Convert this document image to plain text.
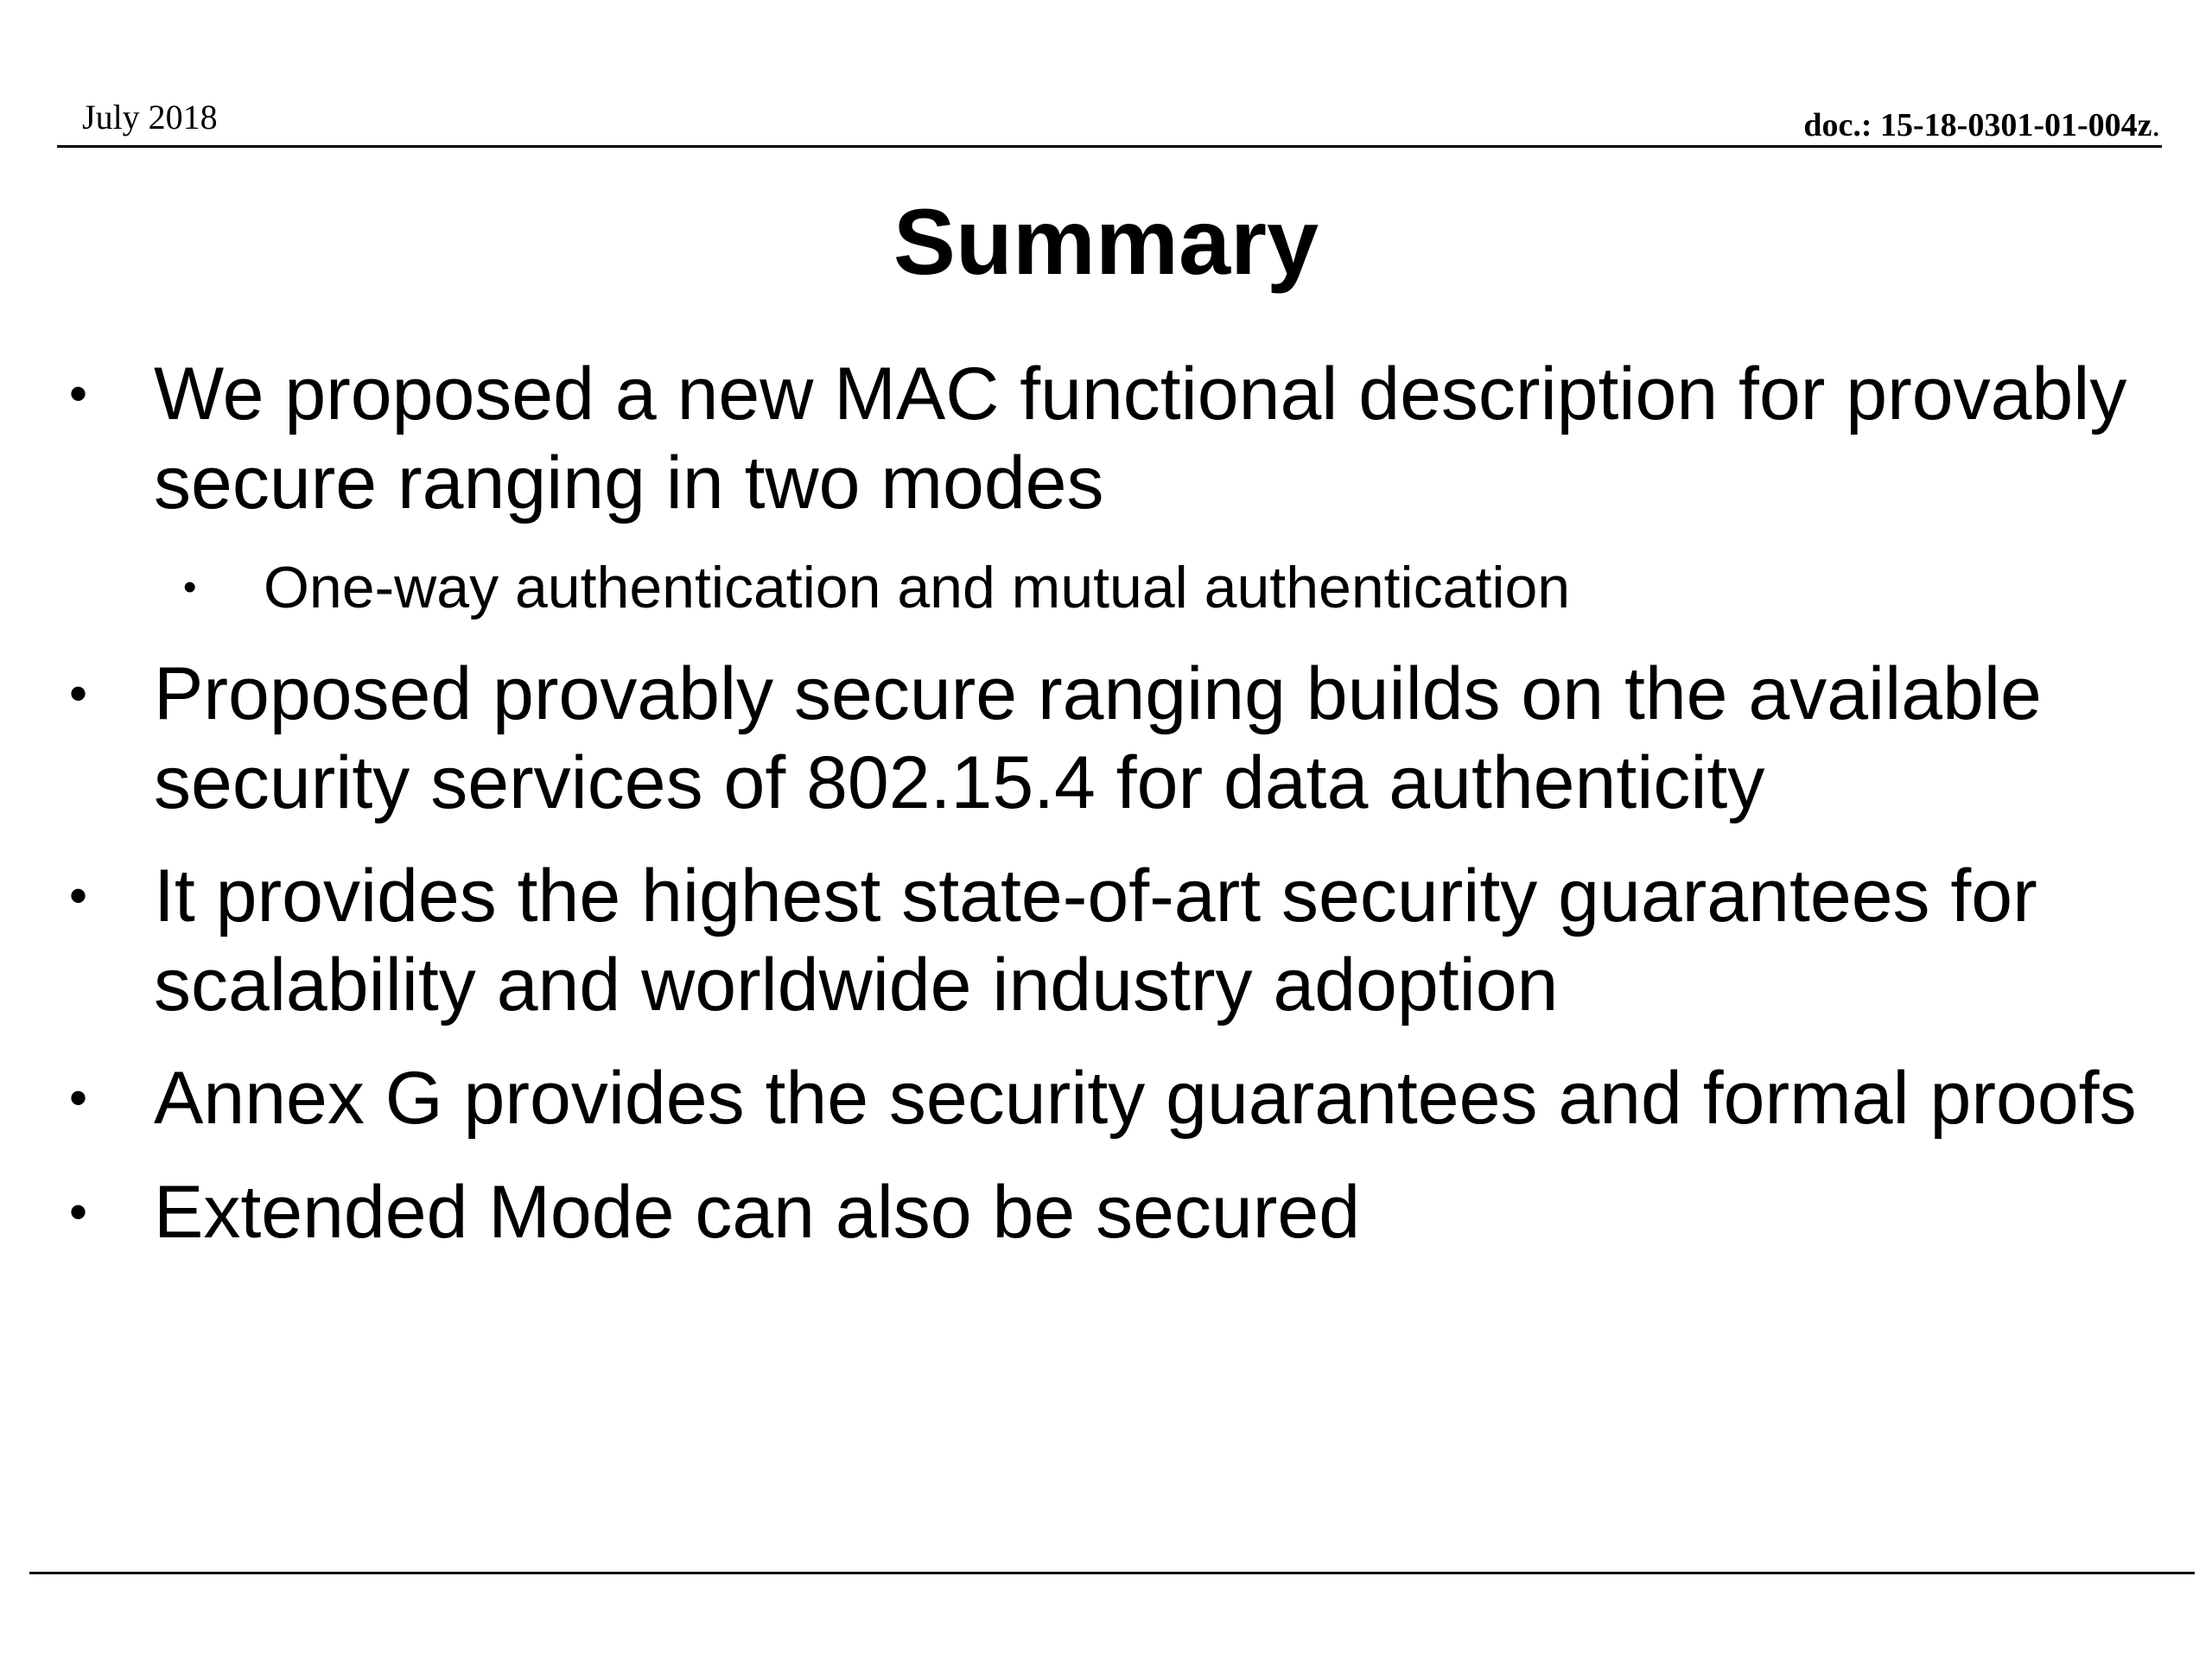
July 2018	doc.: 15-18-0301-01-004z.
Summary
• We proposed a new MAC functional description for provably
secure ranging in two modes
• One-way authentication and mutual authentication
• Proposed provably secure ranging builds on the available
security services of 802.15.4 for data authenticity
• It provides the highest state-of-art security guarantees for
scalability and worldwide industry adoption
• Annex G provides the security guarantees and formal proofs
• Extended Mode can also be secured
